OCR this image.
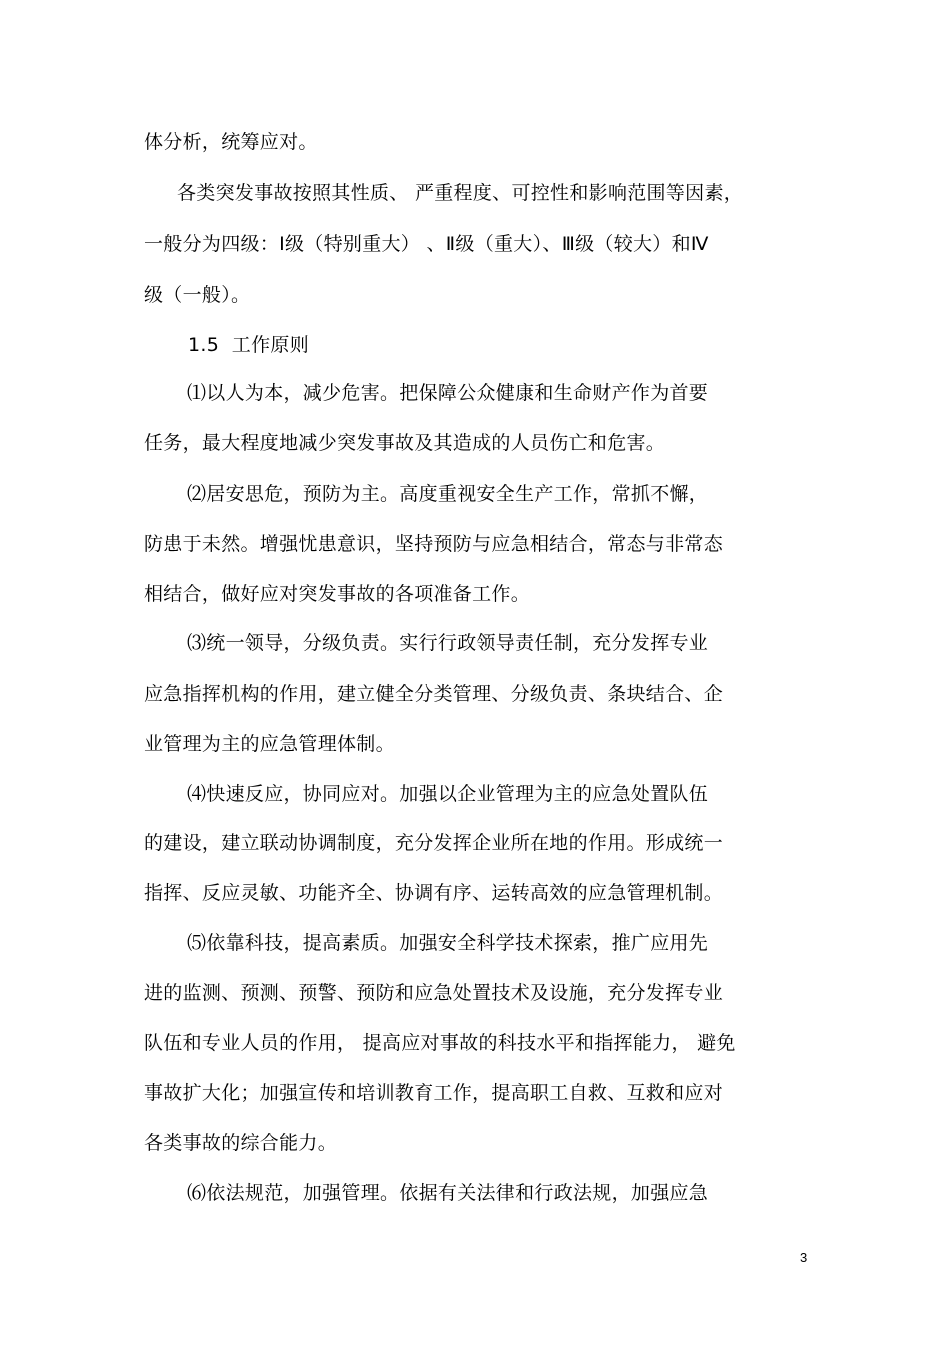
体分析，统筹应对。
各类突发事故按照其性质、 严重程度、可控性和影响范围等因素，
一般分为四级：Ⅰ级（特别重大） 、Ⅱ级（重大）、Ⅲ级（较大）和Ⅳ
级（一般）。
1.5  工作原则
⑴以人为本，减少危害。把保障公众健康和生命财产作为首要
任务，最大程度地减少突发事故及其造成的人员伤亡和危害。
⑵居安思危，预防为主。高度重视安全生产工作，常抓不懈，
防患于未然。增强忧患意识，坚持预防与应急相结合，常态与非常态
相结合，做好应对突发事故的各项准备工作。
⑶统一领导，分级负责。实行行政领导责任制，充分发挥专业
应急指挥机构的作用，建立健全分类管理、分级负责、条块结合、企
业管理为主的应急管理体制。
⑷快速反应，协同应对。加强以企业管理为主的应急处置队伍
的建设，建立联动协调制度，充分发挥企业所在地的作用。形成统一
指挥、反应灵敏、功能齐全、协调有序、运转高效的应急管理机制。
⑸依靠科技，提高素质。加强安全科学技术探索，推广应用先
进的监测、预测、预警、预防和应急处置技术及设施，充分发挥专业
队伍和专业人员的作用， 提高应对事故的科技水平和指挥能力， 避免
事故扩大化；加强宣传和培训教育工作，提高职工自救、互救和应对
各类事故的综合能力。
⑹依法规范，加强管理。依据有关法律和行政法规，加强应急
3
